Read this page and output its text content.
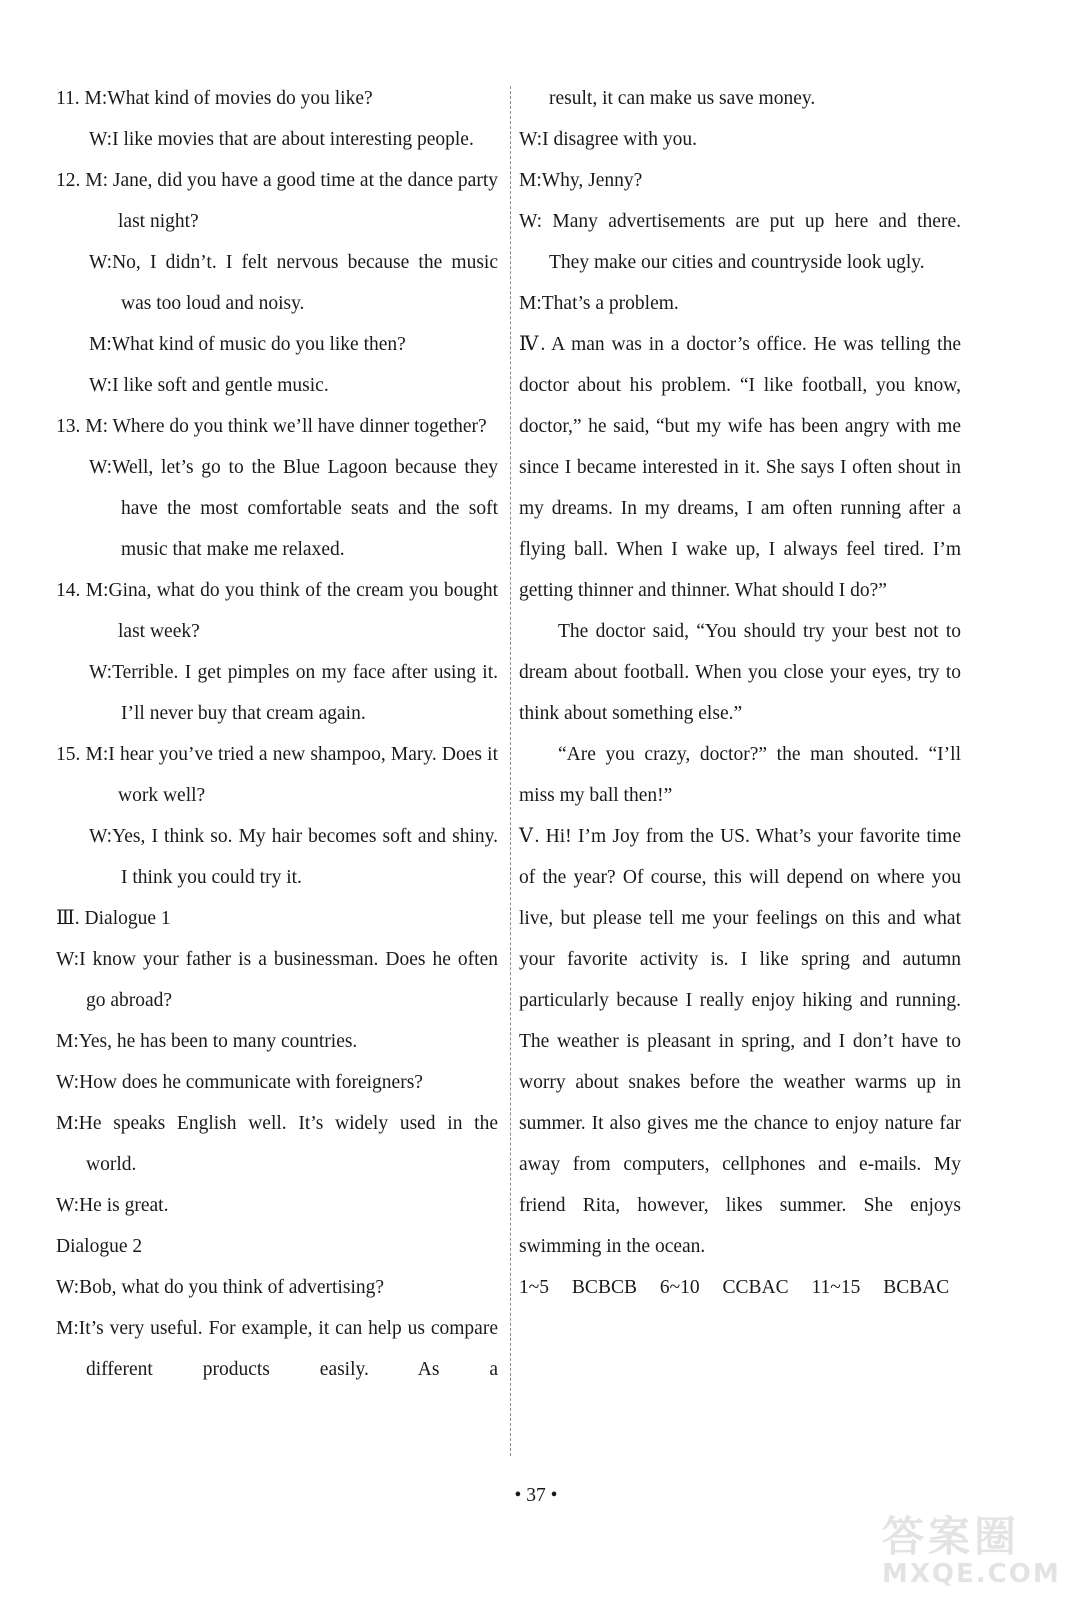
11. M:What kind of movies do you like?
W:I like movies that are about interesting people.
12. M: Jane, did you have a good time at the dance party last night?
W:No, I didn’t. I felt nervous because the music was too loud and noisy.
M:What kind of music do you like then?
W:I like soft and gentle music.
13. M: Where do you think we’ll have dinner together?
W:Well, let’s go to the Blue Lagoon because they have the most comfortable seats and the soft music that make me relaxed.
14. M:Gina, what do you think of the cream you bought last week?
W:Terrible. I get pimples on my face after using it. I’ll never buy that cream again.
15. M:I hear you’ve tried a new shampoo, Mary. Does it work well?
W:Yes, I think so. My hair becomes soft and shiny. I think you could try it.
Ⅲ. Dialogue 1
W:I know your father is a businessman. Does he often go abroad?
M:Yes, he has been to many countries.
W:How does he communicate with foreigners?
M:He speaks English well. It’s widely used in the world.
W:He is great.
Dialogue 2
W:Bob, what do you think of advertising?
M:It’s very useful. For example, it can help us compare different products easily. As a
result, it can make us save money.
W:I disagree with you.
M:Why, Jenny?
W: Many advertisements are put up here and there. They make our cities and countryside look ugly.
M:That’s a problem.
Ⅳ. A man was in a doctor’s office. He was telling the doctor about his problem. “I like football, you know, doctor,” he said, “but my wife has been angry with me since I became interested in it. She says I often shout in my dreams. In my dreams, I am often running after a flying ball. When I wake up, I always feel tired. I’m getting thinner and thinner. What should I do?”
The doctor said, “You should try your best not to dream about football. When you close your eyes, try to think about something else.”
“Are you crazy, doctor?” the man shouted. “I’ll miss my ball then!”
Ⅴ. Hi! I’m Joy from the US. What’s your favorite time of the year? Of course, this will depend on where you live, but please tell me your feelings on this and what your favorite activity is. I like spring and autumn particularly because I really enjoy hiking and running. The weather is pleasant in spring, and I don’t have to worry about snakes before the weather warms up in summer. It also gives me the chance to enjoy nature far away from computers, cellphones and e-mails. My friend Rita, however, likes summer. She enjoys swimming in the ocean.
1~5 BCBCB 6~10 CCBAC 11~15 BCBAC
• 37 •
答案圈
MXQE.COM
